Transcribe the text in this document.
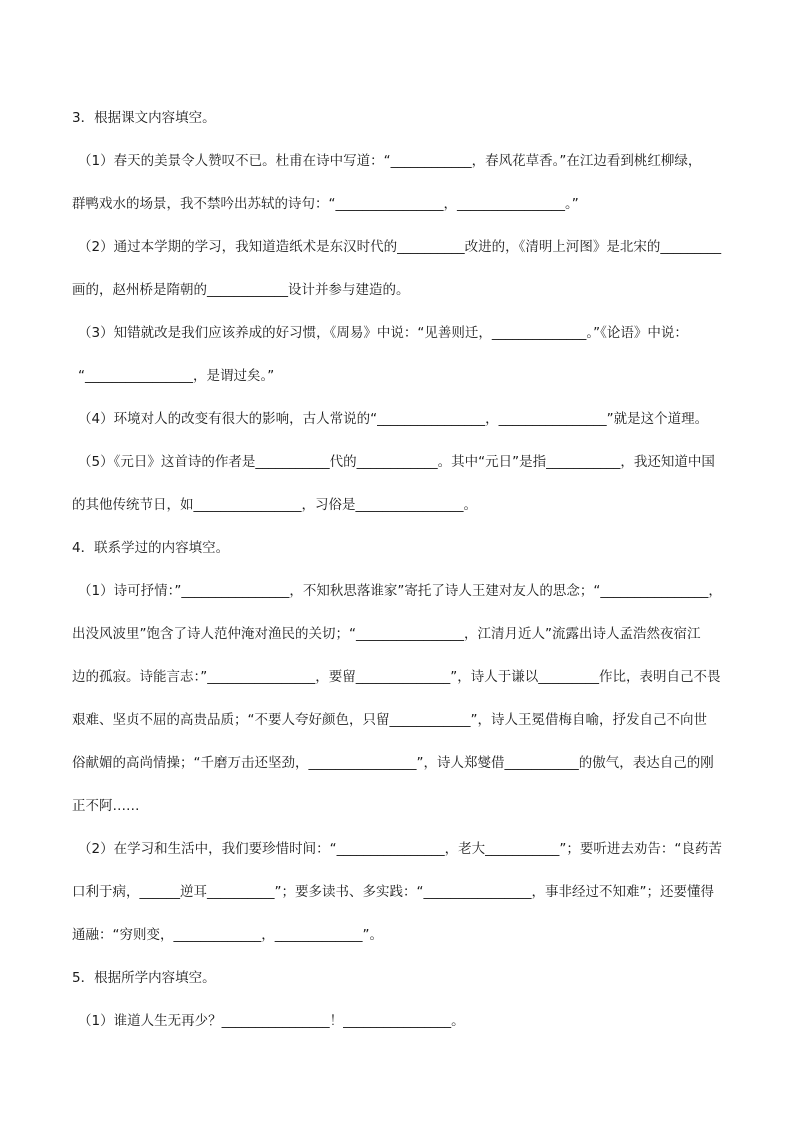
3．根据课文内容填空。
（1）春天的美景令人赞叹不已。杜甫在诗中写道：“____________，春风花草香。”在江边看到桃红柳绿，
群鸭戏水的场景，我不禁吟出苏轼的诗句：“________________，________________。”
（2）通过本学期的学习，我知道造纸术是东汉时代的__________改进的，《清明上河图》是北宋的_________
画的，赵州桥是隋朝的____________设计并参与建造的。
（3）知错就改是我们应该养成的好习惯，《周易》中说：“见善则迁，______________。”《论语》中说：
“________________，是谓过矣。”
（4）环境对人的改变有很大的影响，古人常说的“________________，________________”就是这个道理。
（5）《元日》这首诗的作者是___________代的____________。其中“元日”是指___________，我还知道中国
的其他传统节日，如________________，习俗是________________。
4．联系学过的内容填空。
（1）诗可抒情：”________________，不知秋思落谁家”寄托了诗人王建对友人的思念；“________________，
出没风波里”饱含了诗人范仲淹对渔民的关切；“________________，江清月近人”流露出诗人孟浩然夜宿江
边的孤寂。诗能言志：”________________，要留______________”，诗人于谦以_________作比，表明自己不畏
艰难、坚贞不屈的高贵品质；“不要人夸好颜色，只留____________”，诗人王冕借梅自喻，抒发自己不向世
俗献媚的高尚情操；“千磨万击还坚劲，________________”，诗人郑燮借___________的傲气，表达自己的刚
正不阿……
（2）在学习和生活中，我们要珍惜时间：“________________，老大___________”；要听进去劝告：“良药苦
口利于病，______逆耳__________”；要多读书、多实践：“________________，事非经过不知难”；还要懂得
通融：“穷则变，_____________，_____________”。
5．根据所学内容填空。
（1）谁道人生无再少？________________！________________。
